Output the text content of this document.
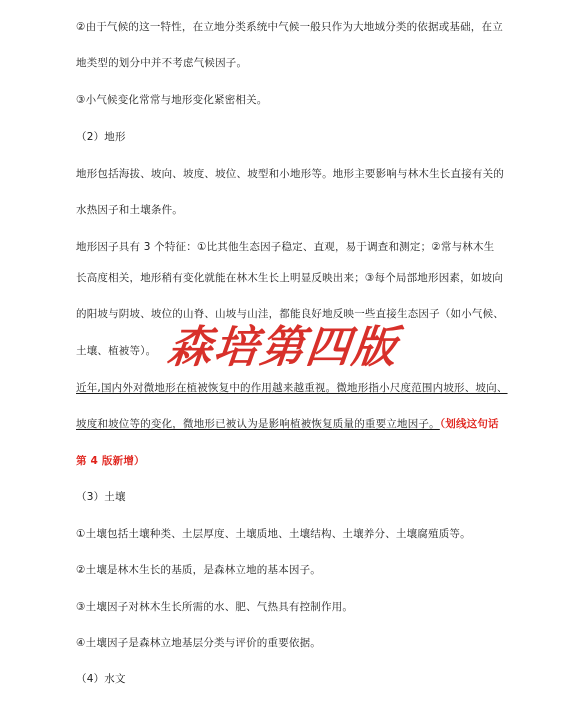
②由于气候的这一特性，在立地分类系统中气候一般只作为大地域分类的依据或基础，在立
地类型的划分中并不考虑气候因子。
③小气候变化常常与地形变化紧密相关。
（2）地形
地形包括海拔、坡向、坡度、坡位、坡型和小地形等。地形主要影响与林木生长直接有关的
水热因子和土壤条件。
地形因子具有 3 个特征：①比其他生态因子稳定、直观，易于调查和测定；②常与林木生
长高度相关，地形稍有变化就能在林木生长上明显反映出来；③每个局部地形因素，如坡向
的阳坡与阴坡、坡位的山脊、山坡与山洼，都能良好地反映一些直接生态因子（如小气候、
土壤、植被等）。
近年,国内外对微地形在植被恢复中的作用越来越重视。微地形指小尺度范围内坡形、坡向、
坡度和坡位等的变化，微地形已被认为是影响植被恢复质量的重要立地因子。（划线这句话
第 4 版新增）
（3）土壤
①土壤包括土壤种类、土层厚度、土壤质地、土壤结构、土壤养分、土壤腐殖质等。
②土壤是林木生长的基质，是森林立地的基本因子。
③土壤因子对林木生长所需的水、肥、气热具有控制作用。
④土壤因子是森林立地基层分类与评价的重要依据。
（4）水文
森培第四版
